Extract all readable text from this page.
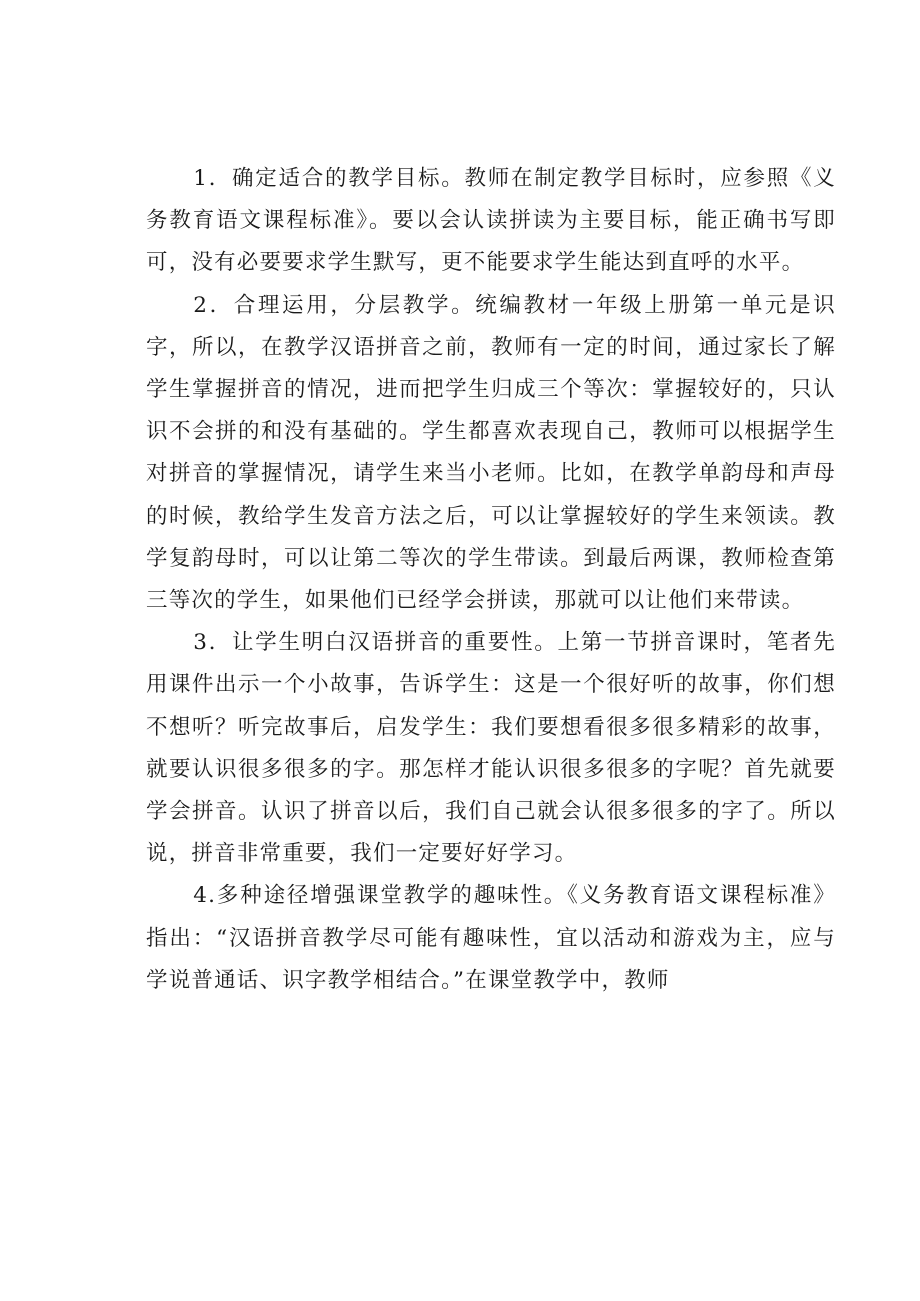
1．确定适合的教学目标。教师在制定教学目标时，应参照《义务教育语文课程标准》。要以会认读拼读为主要目标，能正确书写即可，没有必要要求学生默写，更不能要求学生能达到直呼的水平。

2．合理运用，分层教学。统编教材一年级上册第一单元是识字，所以，在教学汉语拼音之前，教师有一定的时间，通过家长了解学生掌握拼音的情况，进而把学生归成三个等次：掌握较好的，只认识不会拼的和没有基础的。学生都喜欢表现自己，教师可以根据学生对拼音的掌握情况，请学生来当小老师。比如，在教学单韵母和声母的时候，教给学生发音方法之后，可以让掌握较好的学生来领读。教学复韵母时，可以让第二等次的学生带读。到最后两课，教师检查第三等次的学生，如果他们已经学会拼读，那就可以让他们来带读。

3．让学生明白汉语拼音的重要性。上第一节拼音课时，笔者先用课件出示一个小故事，告诉学生：这是一个很好听的故事，你们想不想听？听完故事后，启发学生：我们要想看很多很多精彩的故事，就要认识很多很多的字。那怎样才能认识很多很多的字呢？首先就要学会拼音。认识了拼音以后，我们自己就会认很多很多的字了。所以说，拼音非常重要，我们一定要好好学习。

4.多种途径增强课堂教学的趣味性。《义务教育语文课程标准》指出：“汉语拼音教学尽可能有趣味性，宜以活动和游戏为主，应与学说普通话、识字教学相结合。”在课堂教学中，教师
